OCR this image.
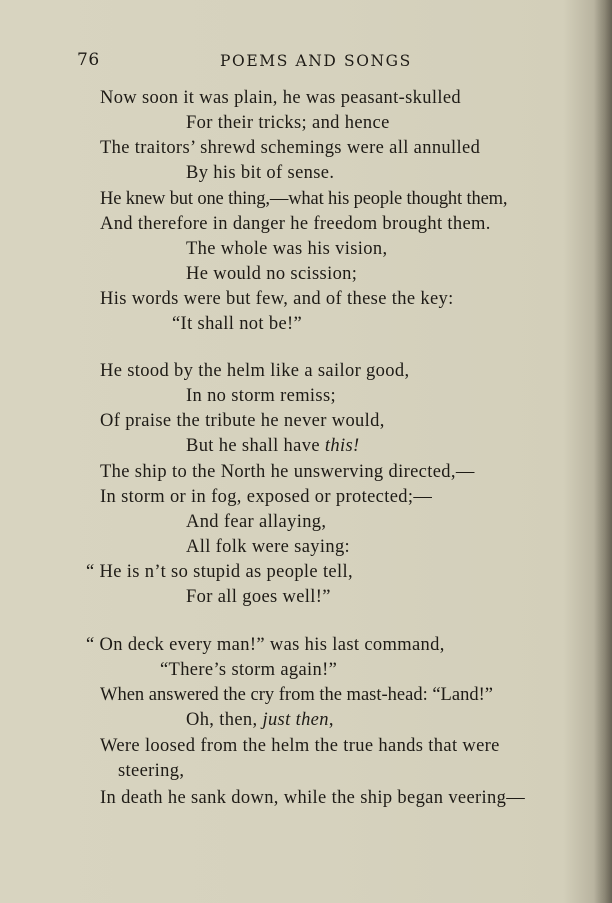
76	POEMS AND SONGS
Now soon it was plain, he was peasant-skulled
For their tricks; and hence
The traitors’ shrewd schemings were all annulled
By his bit of sense.
He knew but one thing,—what his people thought them,
And therefore in danger he freedom brought them.
The whole was his vision,
He would no scission;
His words were but few, and of these the key:
“It shall not be!”
He stood by the helm like a sailor good,
In no storm remiss;
Of praise the tribute he never would,
But he shall have this!
The ship to the North he unswerving directed,—
In storm or in fog, exposed or protected;—
And fear allaying,
All folk were saying:
“ He is n’t so stupid as people tell,
For all goes well!”
“ On deck every man!” was his last command,
“There’s storm again!”
When answered the cry from the mast-head: “Land!”
Oh, then, just then,
Were loosed from the helm the true hands that were
steering,
In death he sank down, while the ship began veering—
